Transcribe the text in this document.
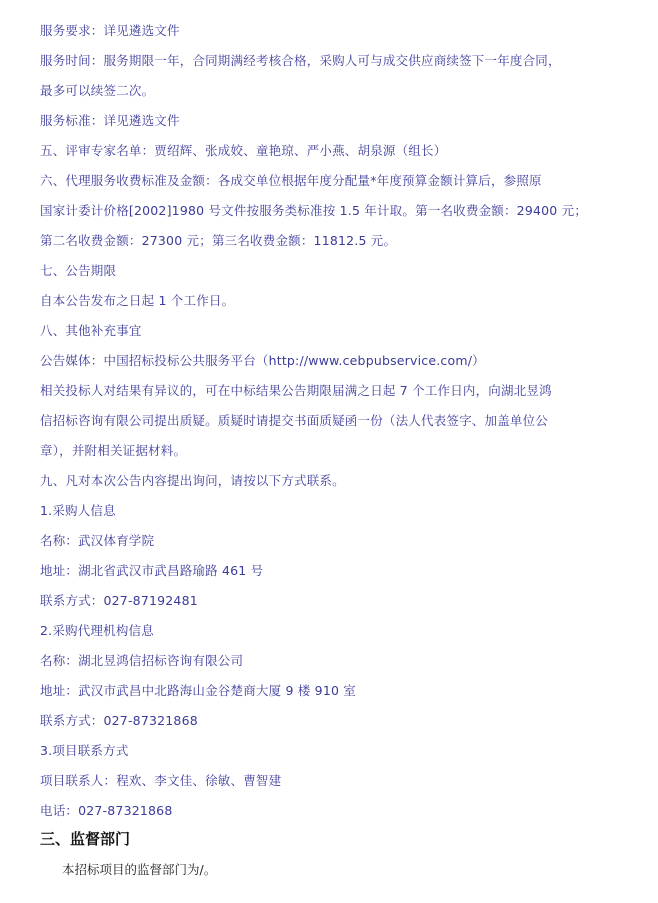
服务要求：详见遴选文件
服务时间：服务期限一年，合同期满经考核合格，采购人可与成交供应商续签下一年度合同，
最多可以续签二次。
服务标准：详见遴选文件
五、评审专家名单：贾绍辉、张成姣、童艳琼、严小燕、胡泉源（组长）
六、代理服务收费标准及金额：各成交单位根据年度分配量*年度预算金额计算后，参照原
国家计委计价格[2002]1980 号文件按服务类标准按 1.5 年计取。第一名收费金额：29400 元；
第二名收费金额：27300 元；第三名收费金额：11812.5 元。
七、公告期限
自本公告发布之日起 1 个工作日。
八、其他补充事宜
公告媒体：中国招标投标公共服务平台（http://www.cebpubservice.com/）
相关投标人对结果有异议的，可在中标结果公告期限届满之日起 7 个工作日内，向湖北昱鸿
信招标咨询有限公司提出质疑。质疑时请提交书面质疑函一份（法人代表签字、加盖单位公
章），并附相关证据材料。
九、凡对本次公告内容提出询问，请按以下方式联系。
1.采购人信息
名称：武汉体育学院
地址：湖北省武汉市武昌路瑜路 461 号
联系方式：027-87192481
2.采购代理机构信息
名称：湖北昱鸿信招标咨询有限公司
地址：武汉市武昌中北路海山金谷楚商大厦 9 楼 910 室
联系方式：027-87321868
3.项目联系方式
项目联系人：程欢、李文佳、徐敏、曹智建
电话：027-87321868
三、监督部门
本招标项目的监督部门为/。
